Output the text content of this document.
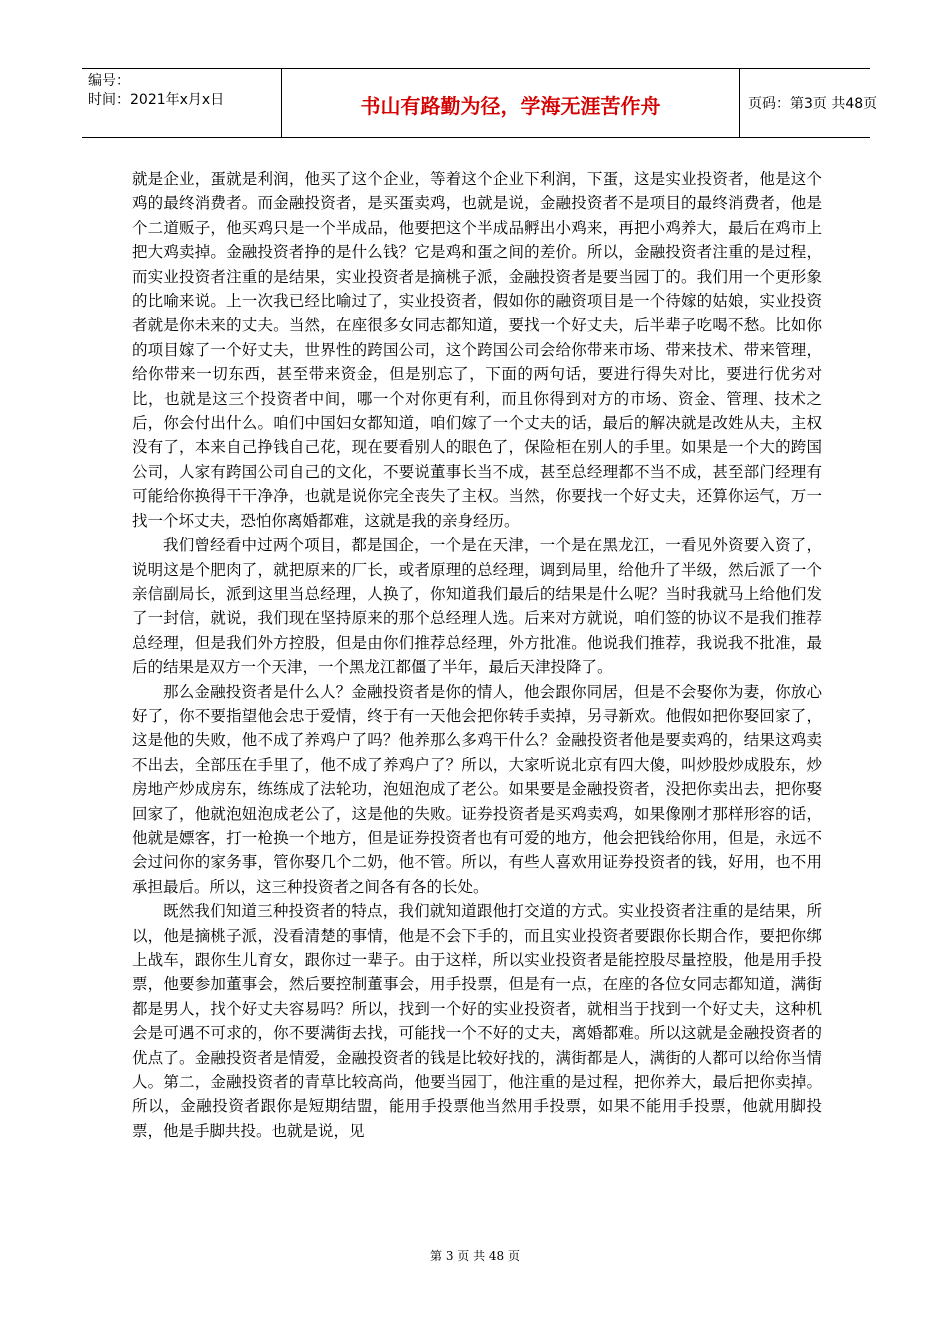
编号：
时间：2021年x月x日	书山有路勤为径，学海无涯苦作舟	页码：第3页 共48页

就是企业，蛋就是利润，他买了这个企业，等着这个企业下利润，下蛋，这是实业投资者，他是这个鸡的最终消费者。而金融投资者，是买蛋卖鸡，也就是说，金融投资者不是项目的最终消费者，他是个二道贩子，他买鸡只是一个半成品，他要把这个半成品孵出小鸡来，再把小鸡养大，最后在鸡市上把大鸡卖掉。金融投资者挣的是什么钱？它是鸡和蛋之间的差价。所以，金融投资者注重的是过程，而实业投资者注重的是结果，实业投资者是摘桃子派，金融投资者是要当园丁的。我们用一个更形象的比喻来说。上一次我已经比喻过了，实业投资者，假如你的融资项目是一个待嫁的姑娘，实业投资者就是你未来的丈夫。当然，在座很多女同志都知道，要找一个好丈夫，后半辈子吃喝不愁。比如你的项目嫁了一个好丈夫，世界性的跨国公司，这个跨国公司会给你带来市场、带来技术、带来管理，给你带来一切东西，甚至带来资金，但是别忘了，下面的两句话，要进行得失对比，要进行优劣对比，也就是这三个投资者中间，哪一个对你更有利，而且你得到对方的市场、资金、管理、技术之后，你会付出什么。咱们中国妇女都知道，咱们嫁了一个丈夫的话，最后的解决就是改姓从夫，主权没有了，本来自己挣钱自己花，现在要看别人的眼色了，保险柜在别人的手里。如果是一个大的跨国公司，人家有跨国公司自己的文化，不要说董事长当不成，甚至总经理都不当不成，甚至部门经理有可能给你换得干干净净，也就是说你完全丧失了主权。当然，你要找一个好丈夫，还算你运气，万一找一个坏丈夫，恐怕你离婚都难，这就是我的亲身经历。

我们曾经看中过两个项目，都是国企，一个是在天津，一个是在黑龙江，一看见外资要入资了，说明这是个肥肉了，就把原来的厂长，或者原理的总经理，调到局里，给他升了半级，然后派了一个亲信副局长，派到这里当总经理，人换了，你知道我们最后的结果是什么呢？当时我就马上给他们发了一封信，就说，我们现在坚持原来的那个总经理人选。后来对方就说，咱们签的协议不是我们推荐总经理，但是我们外方控股，但是由你们推荐总经理，外方批准。他说我们推荐，我说我不批准，最后的结果是双方一个天津，一个黑龙江都僵了半年，最后天津投降了。

那么金融投资者是什么人？金融投资者是你的情人，他会跟你同居，但是不会娶你为妻，你放心好了，你不要指望他会忠于爱情，终于有一天他会把你转手卖掉，另寻新欢。他假如把你娶回家了，这是他的失败，他不成了养鸡户了吗？他养那么多鸡干什么？金融投资者他是要卖鸡的，结果这鸡卖不出去，全部压在手里了，他不成了养鸡户了？所以，大家听说北京有四大傻，叫炒股炒成股东，炒房地产炒成房东，练练成了法轮功，泡妞泡成了老公。如果要是金融投资者，没把你卖出去，把你娶回家了，他就泡妞泡成老公了，这是他的失败。证券投资者是买鸡卖鸡，如果像刚才那样形容的话，他就是嫖客，打一枪换一个地方，但是证券投资者也有可爱的地方，他会把钱给你用，但是，永远不会过问你的家务事，管你娶几个二奶，他不管。所以，有些人喜欢用证券投资者的钱，好用，也不用承担最后。所以，这三种投资者之间各有各的长处。

既然我们知道三种投资者的特点，我们就知道跟他打交道的方式。实业投资者注重的是结果，所以，他是摘桃子派，没看清楚的事情，他是不会下手的，而且实业投资者要跟你长期合作，要把你绑上战车，跟你生儿育女，跟你过一辈子。由于这样，所以实业投资者是能控股尽量控股，他是用手投票，他要参加董事会，然后要控制董事会，用手投票，但是有一点，在座的各位女同志都知道，满街都是男人，找个好丈夫容易吗？所以，找到一个好的实业投资者，就相当于找到一个好丈夫，这种机会是可遇不可求的，你不要满街去找，可能找一个不好的丈夫，离婚都难。所以这就是金融投资者的优点了。金融投资者是情爱，金融投资者的钱是比较好找的，满街都是人，满街的人都可以给你当情人。第二，金融投资者的青草比较高尚，他要当园丁，他注重的是过程，把你养大，最后把你卖掉。所以，金融投资者跟你是短期结盟，能用手投票他当然用手投票，如果不能用手投票，他就用脚投票，他是手脚共投。也就是说，见

第 3 页 共 48 页
